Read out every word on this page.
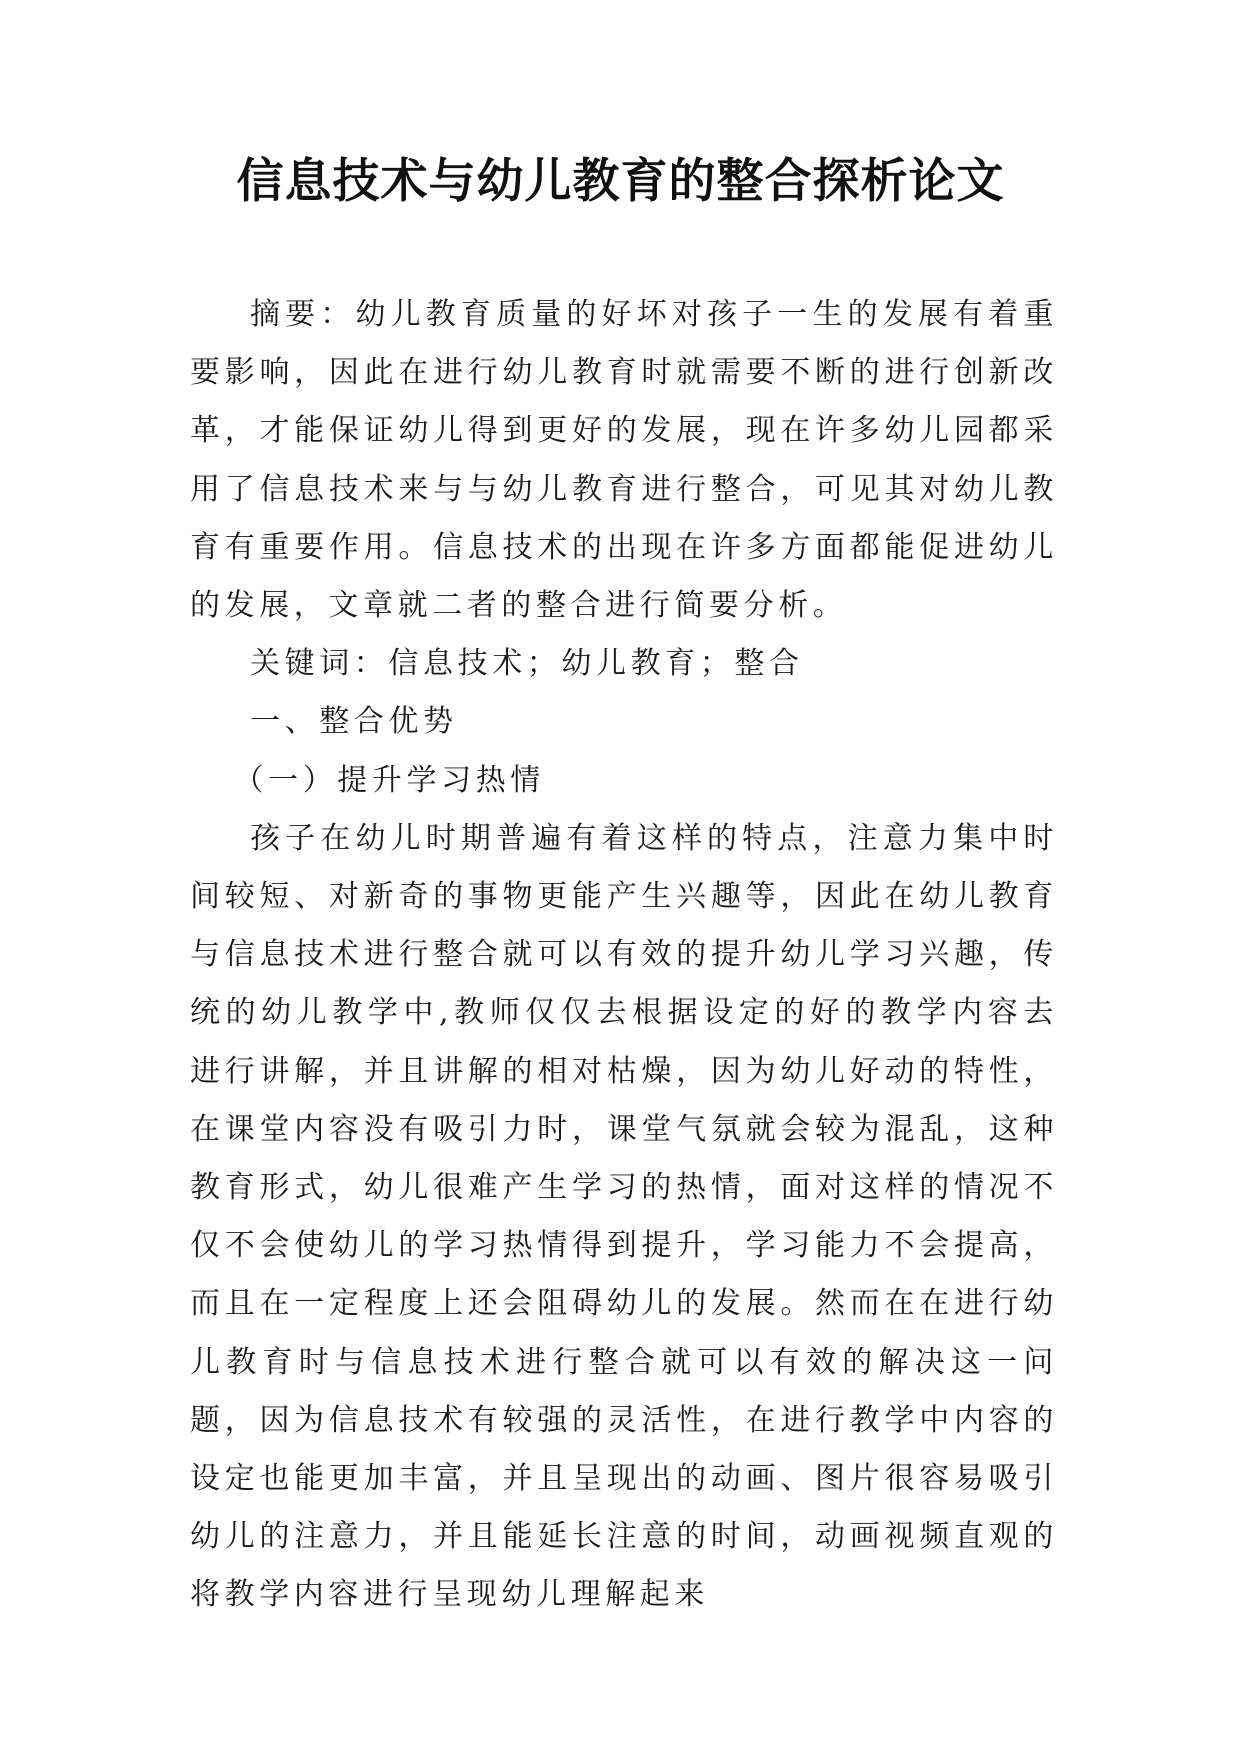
信息技术与幼儿教育的整合探析论文

摘要：幼儿教育质量的好坏对孩子一生的发展有着重要影响，因此在进行幼儿教育时就需要不断的进行创新改革，才能保证幼儿得到更好的发展，现在许多幼儿园都采用了信息技术来与与幼儿教育进行整合，可见其对幼儿教育有重要作用。信息技术的出现在许多方面都能促进幼儿的发展，文章就二者的整合进行简要分析。

关键词：信息技术；幼儿教育；整合

一、整合优势

（一）提升学习热情

孩子在幼儿时期普遍有着这样的特点，注意力集中时间较短、对新奇的事物更能产生兴趣等，因此在幼儿教育与信息技术进行整合就可以有效的提升幼儿学习兴趣，传统的幼儿教学中,教师仅仅去根据设定的好的教学内容去进行讲解，并且讲解的相对枯燥，因为幼儿好动的特性，在课堂内容没有吸引力时，课堂气氛就会较为混乱，这种教育形式，幼儿很难产生学习的热情，面对这样的情况不仅不会使幼儿的学习热情得到提升，学习能力不会提高，而且在一定程度上还会阻碍幼儿的发展。然而在在进行幼儿教育时与信息技术进行整合就可以有效的解决这一问题，因为信息技术有较强的灵活性，在进行教学中内容的设定也能更加丰富，并且呈现出的动画、图片很容易吸引幼儿的注意力，并且能延长注意的时间，动画视频直观的将教学内容进行呈现幼儿理解起来
